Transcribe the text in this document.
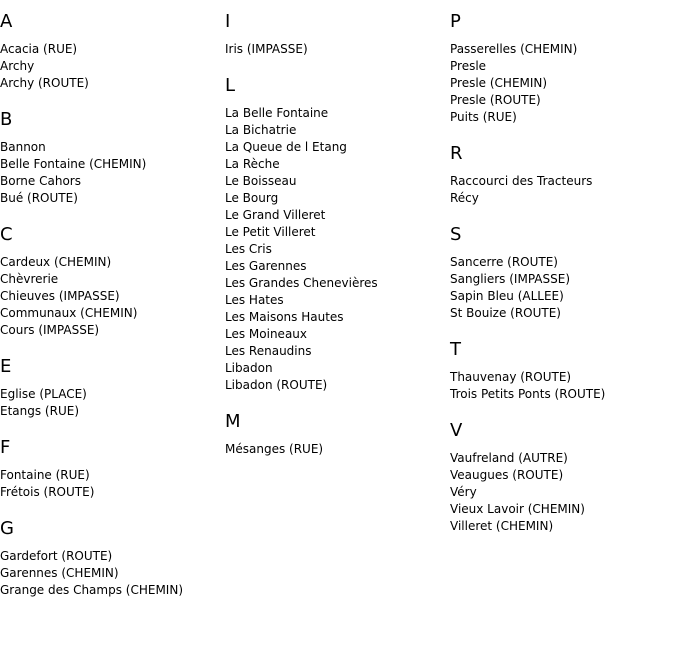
A
Acacia (RUE)
Archy
Archy (ROUTE)
B
Bannon
Belle Fontaine (CHEMIN)
Borne Cahors
Bué (ROUTE)
C
Cardeux (CHEMIN)
Chèvrerie
Chieuves (IMPASSE)
Communaux (CHEMIN)
Cours (IMPASSE)
E
Eglise (PLACE)
Etangs (RUE)
F
Fontaine (RUE)
Frétois (ROUTE)
G
Gardefort (ROUTE)
Garennes (CHEMIN)
Grange des Champs (CHEMIN)
I
Iris (IMPASSE)
L
La Belle Fontaine
La Bichatrie
La Queue de l Etang
La Rèche
Le Boisseau
Le Bourg
Le Grand Villeret
Le Petit Villeret
Les Cris
Les Garennes
Les Grandes Chenevières
Les Hates
Les Maisons Hautes
Les Moineaux
Les Renaudins
Libadon
Libadon (ROUTE)
M
Mésanges (RUE)
P
Passerelles (CHEMIN)
Presle
Presle (CHEMIN)
Presle (ROUTE)
Puits (RUE)
R
Raccourci des Tracteurs
Récy
S
Sancerre (ROUTE)
Sangliers (IMPASSE)
Sapin Bleu (ALLEE)
St Bouize (ROUTE)
T
Thauvenay (ROUTE)
Trois Petits Ponts (ROUTE)
V
Vaufreland (AUTRE)
Veaugues (ROUTE)
Véry
Vieux Lavoir (CHEMIN)
Villeret (CHEMIN)
